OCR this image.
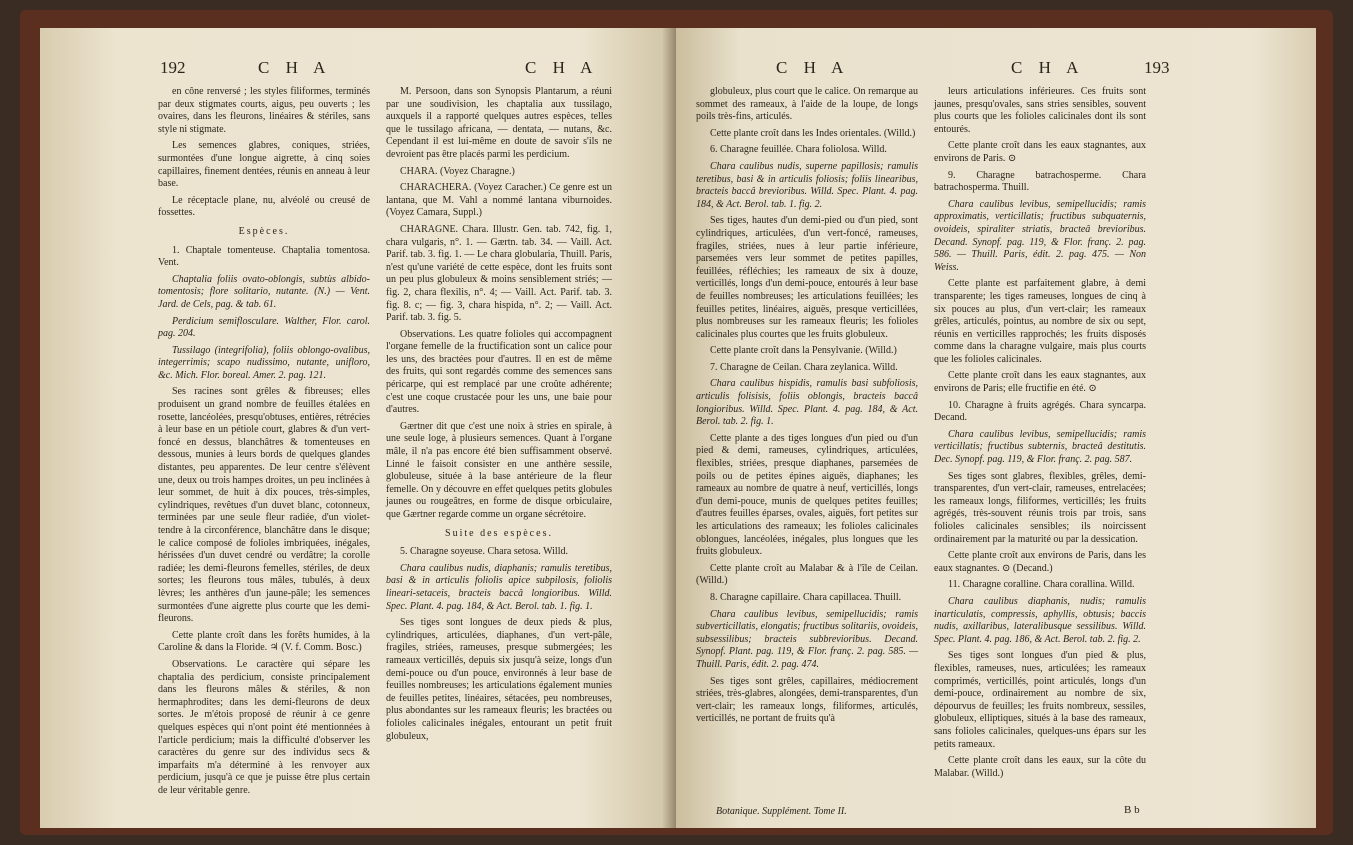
192	C H A	C H A

en cône renversé ; les styles filiformes, terminés par deux stigmates courts, aigus, peu ouverts ; les ovaires, dans les fleurons, linéaires & stériles, sans style ni stigmate.

Les semences glabres, coniques, striées, surmontées d'une longue aigrette, à cinq soies capillaires, finement dentées, réunis en anneau à leur base.

Le réceptacle plane, nu, alvéolé ou creusé de fossettes.

Espèces.

1. Chaptale tomenteuse. Chaptalia tomentosa. Vent.

Chaptalia foliis ovato-oblongis, subtùs albido-tomentosis; flore solitario, nutante. (N.) — Vent. Jard. de Cels, pag. & tab. 61.

Perdicium semiflosculare. Walther, Flor. carol. pag. 204.

Tussilago (integrifolia), foliis oblongo-ovalibus, integerrimis; scapo nudissimo, nutante, unifloro, &c. Mich. Flor. boreal. Amer. 2. pag. 121.

Ses racines sont grêles & fibreuses; elles produisent un grand nombre de feuilles étalées en rosette, lancéolées, presqu'obtuses, entières, rétrécies à leur base en un pétiole court, glabres & d'un vert-foncé en dessus, blanchâtres & tomenteuses en dessous, munies à leurs bords de quelques glandes distantes, peu apparentes. De leur centre s'élèvent une, deux ou trois hampes droites, un peu inclinées à leur sommet, de huit à dix pouces, très-simples, cylindriques, revêtues d'un duvet blanc, cotonneux, terminées par une seule fleur radiée, d'un violet-tendre à la circonférence, blanchâtre dans le disque; le calice composé de folioles imbriquées, inégales, hérissées d'un duvet cendré ou verdâtre; la corolle radiée; les demi-fleurons femelles, stériles, de deux sortes; les fleurons tous mâles, tubulés, à deux lèvres; les anthères d'un jaune-pâle; les semences surmontées d'une aigrette plus courte que les demi-fleurons.

Cette plante croît dans les forêts humides, à la Caroline & dans la Floride. ♃ (V. f. Comm. Bosc.)

Observations. Le caractère qui sépare les chaptalia des perdicium, consiste principalement dans les fleurons mâles & stériles, & non hermaphrodites; dans les demi-fleurons de deux sortes. Je m'étois proposé de réunir à ce genre quelques espèces qui n'ont point été mentionnées à l'article perdicium; mais la difficulté d'observer les caractères du genre sur des individus secs & imparfaits m'a déterminé à les renvoyer aux perdicium, jusqu'à ce que je puisse être plus certain de leur véritable genre.

M. Persoon, dans son Synopsis Plantarum, a réuni par une soudivision, les chaptalia aux tussilago, auxquels il a rapporté quelques autres espèces, telles que le tussilago africana, — dentata, — nutans, &c. Cependant il est lui-même en doute de savoir s'ils ne devroient pas être placés parmi les perdicium.

CHARA. (Voyez Charagne.)

CHARACHERA. (Voyez Caracher.) Ce genre est un lantana, que M. Vahl a nommé lantana viburnoides. (Voyez Camara, Suppl.)

CHARAGNE. Chara. Illustr. Gen. tab. 742, fig. 1, chara vulgaris, n°. 1. — Gærtn. tab. 34. — Vaill. Act. Parif. tab. 3. fig. 1. — Le chara globularia, Thuill. Paris, n'est qu'une variété de cette espèce, dont les fruits sont un peu plus globuleux & moins sensiblement striés; — fig. 2, chara flexilis, n°. 4; — Vaill. Act. Parif. tab. 3. fig. 8. c; — fig. 3, chara hispida, n°. 2; — Vaill. Act. Parif. tab. 3. fig. 5.

Observations. Les quatre folioles qui accompagnent l'organe femelle de la fructification sont un calice pour les uns, des bractées pour d'autres. Il en est de même des fruits, qui sont regardés comme des semences sans péricarpe, qui est remplacé par une croûte adhérente; c'est une coque crustacée pour les uns, une baie pour d'autres.

Gærtner dit que c'est une noix à stries en spirale, à une seule loge, à plusieurs semences. Quant à l'organe mâle, il n'a pas encore été bien suffisamment observé. Linné le faisoit consister en une anthère sessile, globuleuse, située à la base antérieure de la fleur femelle. On y découvre en effet quelques petits globules jaunes ou rougeâtres, en forme de disque orbiculaire, que Gærtner regarde comme un organe sécrétoire.

Suite des espèces.

5. Charagne soyeuse. Chara setosa. Willd.

Chara caulibus nudis, diaphanis; ramulis teretibus, basi & in articulis foliolis apice subpilosis, foliolis lineari-setaceis, bracteis baccâ longioribus. Willd. Spec. Plant. 4. pag. 184, & Act. Berol. tab. 1. fig. 1.

Ses tiges sont longues de deux pieds & plus, cylindriques, articulées, diaphanes, d'un vert-pâle, fragiles, striées, rameuses, presque submergées; les rameaux verticillés, depuis six jusqu'à seize, longs d'un demi-pouce ou d'un pouce, environnés à leur base de feuilles nombreuses; les articulations également munies de feuilles petites, linéaires, sétacées, peu nombreuses, plus abondantes sur les rameaux fleuris; les bractées ou folioles calicinales inégales, entourant un petit fruit globuleux,

C H A	C H A	193

globuleux, plus court que le calice. On remarque au sommet des rameaux, à l'aide de la loupe, de longs poils très-fins, articulés.

Cette plante croît dans les Indes orientales. (Willd.)

6. Charagne feuillée. Chara foliolosa. Willd.

Chara caulibus nudis, superne papillosis; ramulis teretibus, basi & in articulis foliosis; foliis linearibus, bracteis baccâ brevioribus. Willd. Spec. Plant. 4. pag. 184, & Act. Berol. tab. 1. fig. 2.

Ses tiges, hautes d'un demi-pied ou d'un pied, sont cylindriques, articulées, d'un vert-foncé, rameuses, fragiles, striées, nues à leur partie inférieure, parsemées vers leur sommet de petites papilles, feuillées, réfléchies; les rameaux de six à douze, verticillés, longs d'un demi-pouce, entourés à leur base de feuilles nombreuses; les articulations feuillées; les feuilles petites, linéaires, aiguës, presque verticillées, plus nombreuses sur les rameaux fleuris; les folioles calicinales plus courtes que les fruits globuleux.

Cette plante croît dans la Pensylvanie. (Willd.)

7. Charagne de Ceilan. Chara zeylanica. Willd.

Chara caulibus hispidis, ramulis basi subfoliosis, articulis folisisis, foliis oblongis, bracteis baccâ longioribus. Willd. Spec. Plant. 4. pag. 184, & Act. Berol. tab. 2. fig. 1.

Cette plante a des tiges longues d'un pied ou d'un pied & demi, rameuses, cylindriques, articulées, flexibles, striées, presque diaphanes, parsemées de poils ou de petites épines aiguës, diaphanes; les rameaux au nombre de quatre à neuf, verticillés, longs d'un demi-pouce, munis de quelques petites feuilles; d'autres feuilles éparses, ovales, aiguës, fort petites sur les articulations des rameaux; les folioles calicinales oblongues, lancéolées, inégales, plus longues que les fruits globuleux.

Cette plante croît au Malabar & à l'île de Ceilan. (Willd.)

8. Charagne capillaire. Chara capillacea. Thuill.

Chara caulibus levibus, semipellucidis; ramis subverticillatis, elongatis; fructibus solitariis, ovoideis, subsessilibus; bracteis subbrevioribus. Decand. Synopf. Plant. pag. 119, & Flor. franç. 2. pag. 585. — Thuill. Paris, édit. 2. pag. 474.

Ses tiges sont grêles, capillaires, médiocrement striées, très-glabres, alongées, demi-transparentes, d'un vert-clair; les rameaux longs, filiformes, articulés, verticillés, ne portant de fruits qu'à

leurs articulations inférieures. Ces fruits sont jaunes, presqu'ovales, sans stries sensibles, souvent plus courts que les folioles calicinales dont ils sont entourés.

Cette plante croît dans les eaux stagnantes, aux environs de Paris. ⊙

9. Charagne batrachosperme. Chara batrachosperma. Thuill.

Chara caulibus levibus, semipellucidis; ramis approximatis, verticillatis; fructibus subquaternis, ovoideis, spiraliter striatis, bracteâ brevioribus. Decand. Synopf. pag. 119, & Flor. franç. 2. pag. 586. — Thuill. Paris, édit. 2. pag. 475. — Non Weiss.

Cette plante est parfaitement glabre, à demi transparente; les tiges rameuses, longues de cinq à six pouces au plus, d'un vert-clair; les rameaux grêles, articulés, pointus, au nombre de six ou sept, réunis en verticilles rapprochés; les fruits disposés comme dans la charagne vulgaire, mais plus courts que les folioles calicinales.

Cette plante croît dans les eaux stagnantes, aux environs de Paris; elle fructifie en été. ⊙

10. Charagne à fruits agrégés. Chara syncarpa. Decand.

Chara caulibus levibus, semipellucidis; ramis verticillatis; fructibus subternis, bracteâ destitutis. Dec. Synopf. pag. 119, & Flor. franç. 2. pag. 587.

Ses tiges sont glabres, flexibles, grêles, demi-transparentes, d'un vert-clair, rameuses, entrelacées; les rameaux longs, filiformes, verticillés; les fruits agrégés, très-souvent réunis trois par trois, sans folioles calicinales sensibles; ils noircissent ordinairement par la maturité ou par la dessication.

Cette plante croît aux environs de Paris, dans les eaux stagnantes. ⊙ (Decand.)

11. Charagne coralline. Chara corallina. Willd.

Chara caulibus diaphanis, nudis; ramulis inarticulatis, compressis, aphyllis, obtusis; baccis nudis, axillaribus, lateralibusque sessilibus. Willd. Spec. Plant. 4. pag. 186, & Act. Berol. tab. 2. fig. 2.

Ses tiges sont longues d'un pied & plus, flexibles, rameuses, nues, articulées; les rameaux comprimés, verticillés, point articulés, longs d'un demi-pouce, ordinairement au nombre de six, dépourvus de feuilles; les fruits nombreux, sessiles, globuleux, elliptiques, situés à la base des rameaux, sans folioles calicinales, quelques-uns épars sur les petits rameaux.

Cette plante croît dans les eaux, sur la côte du Malabar. (Willd.)

Botanique. Supplément. Tome II.	B b
